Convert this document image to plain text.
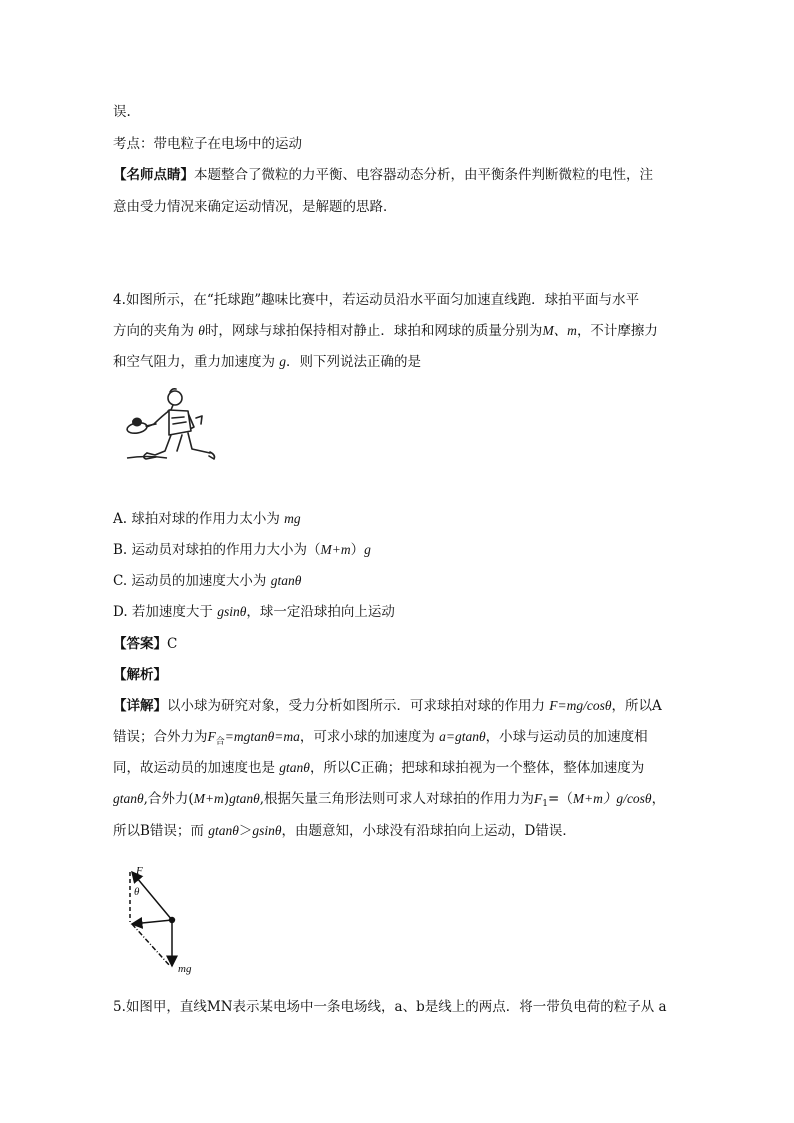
误.
考点：带电粒子在电场中的运动
【名师点睛】本题整合了微粒的力平衡、电容器动态分析，由平衡条件判断微粒的电性，注
意由受力情况来确定运动情况，是解题的思路．
4.如图所示，在“托球跑”趣味比赛中，若运动员沿水平面匀加速直线跑．球拍平面与水平
方向的夹角为 θ时，网球与球拍保持相对静止．球拍和网球的质量分别为M、m，不计摩擦力
和空气阻力，重力加速度为 g．则下列说法正确的是
A. 球拍对球的作用力太小为 mg
B. 运动员对球拍的作用力大小为（M+m）g
C. 运动员的加速度大小为 gtanθ
D. 若加速度大于 gsinθ，球一定沿球拍向上运动
【答案】C
【解析】
【详解】以小球为研究对象，受力分析如图所示．可求球拍对球的作用力 F=mg/cosθ，所以A
错误；合外力为$F_合=mgtan\theta=ma$，可求小球的加速度为 a=gtanθ，小球与运动员的加速度相
同，故运动员的加速度也是 gtanθ，所以C正确；把球和球拍视为一个整体，整体加速度为
gtanθ,合外力(M+m)gtanθ,根据矢量三角形法则可求人对球拍的作用力为$F_1=(M+m)g$/cosθ，
所以B错误；而 gtanθ＞gsinθ，由题意知，小球没有沿球拍向上运动，D错误．
F
θ
mg
5.如图甲，直线MN表示某电场中一条电场线，a、b是线上的两点．将一带负电荷的粒子从 a
